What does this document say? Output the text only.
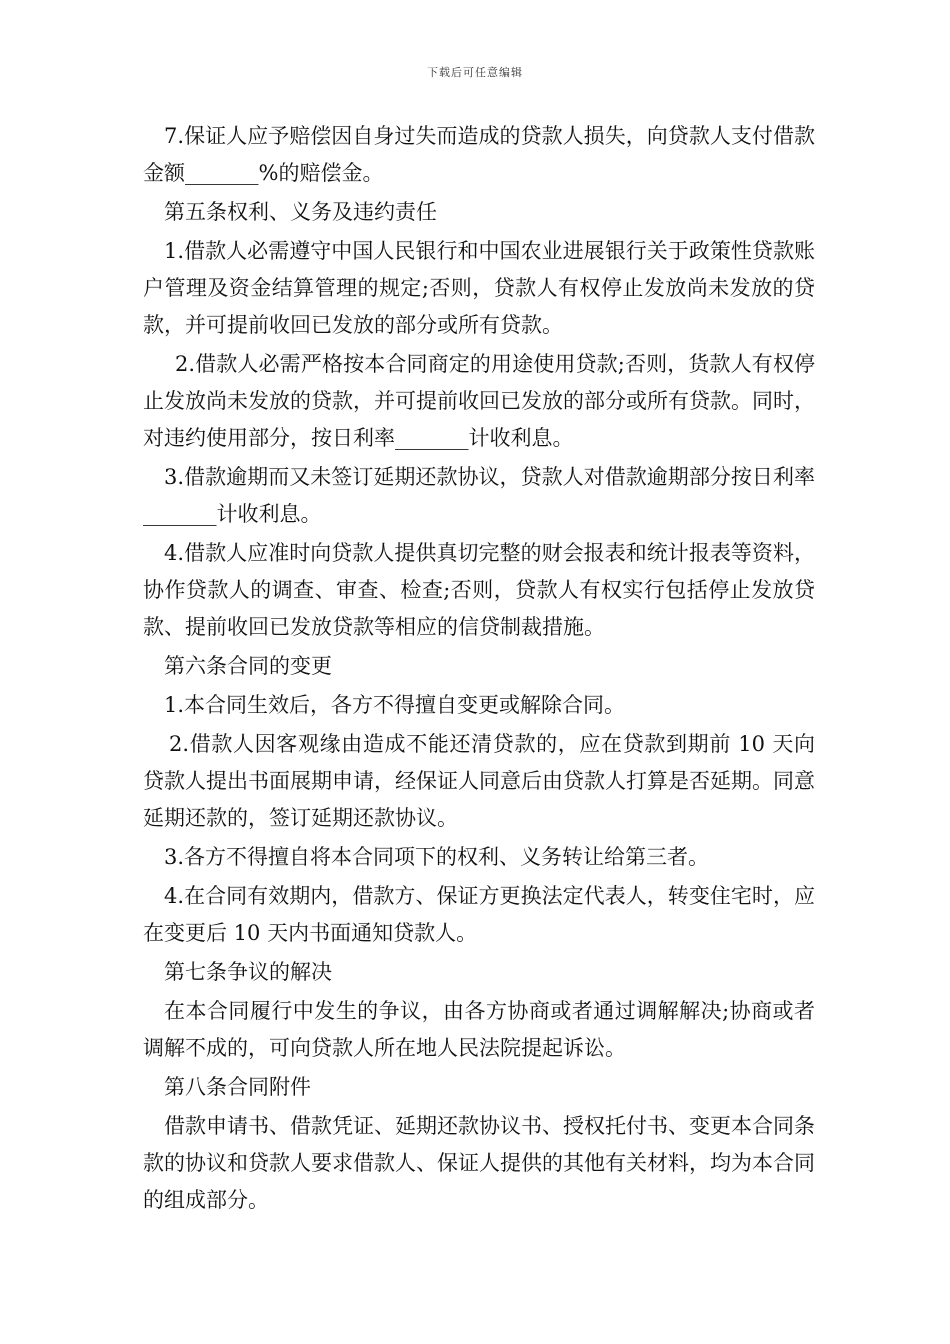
下载后可任意编辑

7.保证人应予赔偿因自身过失而造成的贷款人损失，向贷款人支付借款金额_______%的赔偿金。

第五条权利、义务及违约责任

1.借款人必需遵守中国人民银行和中国农业进展银行关于政策性贷款账户管理及资金结算管理的规定;否则，贷款人有权停止发放尚未发放的贷款，并可提前收回已发放的部分或所有贷款。

2.借款人必需严格按本合同商定的用途使用贷款;否则，货款人有权停止发放尚未发放的贷款，并可提前收回已发放的部分或所有贷款。同时，对违约使用部分，按日利率_______计收利息。

3.借款逾期而又未签订延期还款协议，贷款人对借款逾期部分按日利率_______计收利息。

4.借款人应准时向贷款人提供真切完整的财会报表和统计报表等资料，协作贷款人的调查、审查、检查;否则，贷款人有权实行包括停止发放贷款、提前收回已发放贷款等相应的信贷制裁措施。

第六条合同的变更

1.本合同生效后，各方不得擅自变更或解除合同。

2.借款人因客观缘由造成不能还清贷款的，应在贷款到期前 10 天向贷款人提出书面展期申请，经保证人同意后由贷款人打算是否延期。同意延期还款的，签订延期还款协议。

3.各方不得擅自将本合同项下的权利、义务转让给第三者。

4.在合同有效期内，借款方、保证方更换法定代表人，转变住宅时，应在变更后 10 天内书面通知贷款人。

第七条争议的解决

在本合同履行中发生的争议，由各方协商或者通过调解解决;协商或者调解不成的，可向贷款人所在地人民法院提起诉讼。

第八条合同附件

借款申请书、借款凭证、延期还款协议书、授权托付书、变更本合同条款的协议和贷款人要求借款人、保证人提供的其他有关材料，均为本合同的组成部分。
